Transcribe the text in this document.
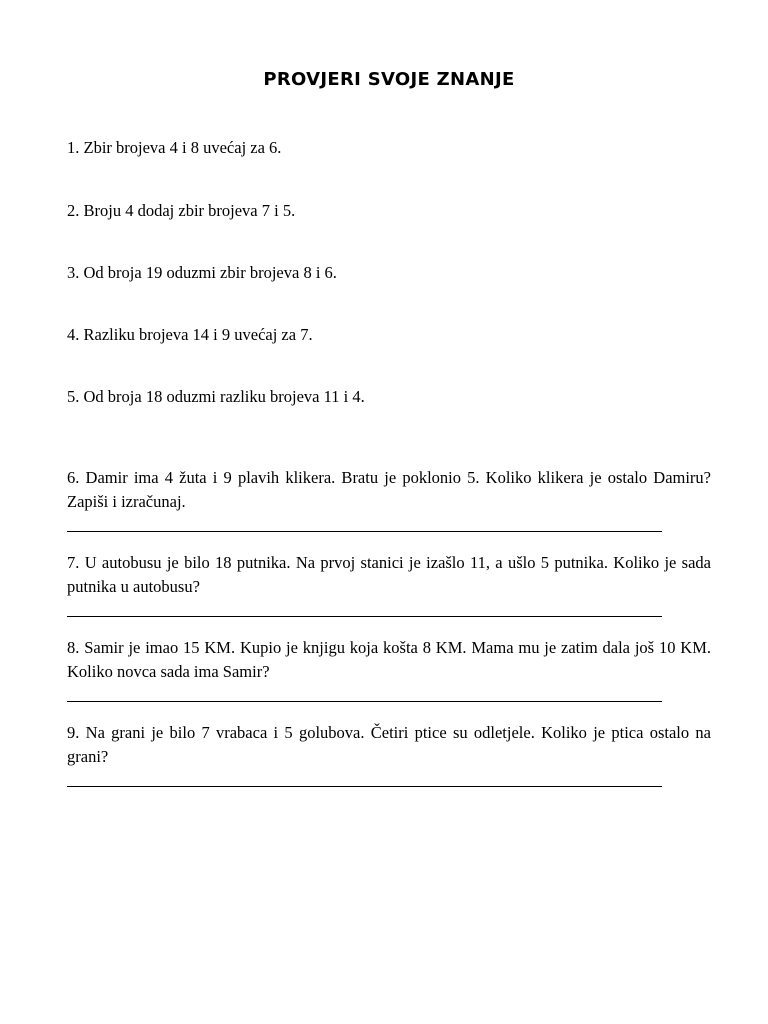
PROVJERI SVOJE ZNANJE
1. Zbir brojeva 4 i 8 uvećaj za 6.
2. Broju 4 dodaj zbir brojeva 7 i 5.
3. Od broja 19 oduzmi zbir brojeva 8 i 6.
4. Razliku brojeva 14 i 9 uvećaj za 7.
5. Od broja 18 oduzmi razliku brojeva 11 i 4.
6. Damir ima 4 žuta i 9 plavih klikera. Bratu je poklonio 5. Koliko klikera je ostalo Damiru? Zapiši i izračunaj.
7. U autobusu je bilo 18 putnika. Na prvoj stanici je izašlo 11, a ušlo 5 putnika. Koliko je sada putnika u autobusu?
8. Samir je imao 15 KM. Kupio je knjigu koja košta 8 KM. Mama mu je zatim dala još 10 KM. Koliko novca sada ima Samir?
9. Na grani je bilo 7 vrabaca i 5 golubova. Četiri ptice su odletjele. Koliko je ptica ostalo na grani?
